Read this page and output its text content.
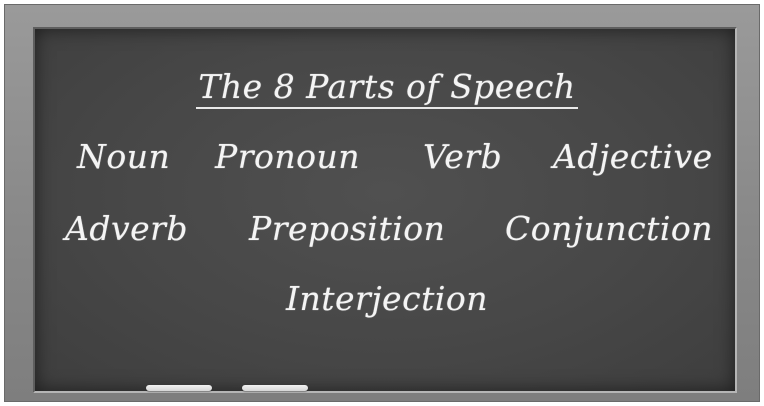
The 8 Parts of Speech
Noun Pronoun Verb Adjective
Adverb Preposition Conjunction
Interjection
